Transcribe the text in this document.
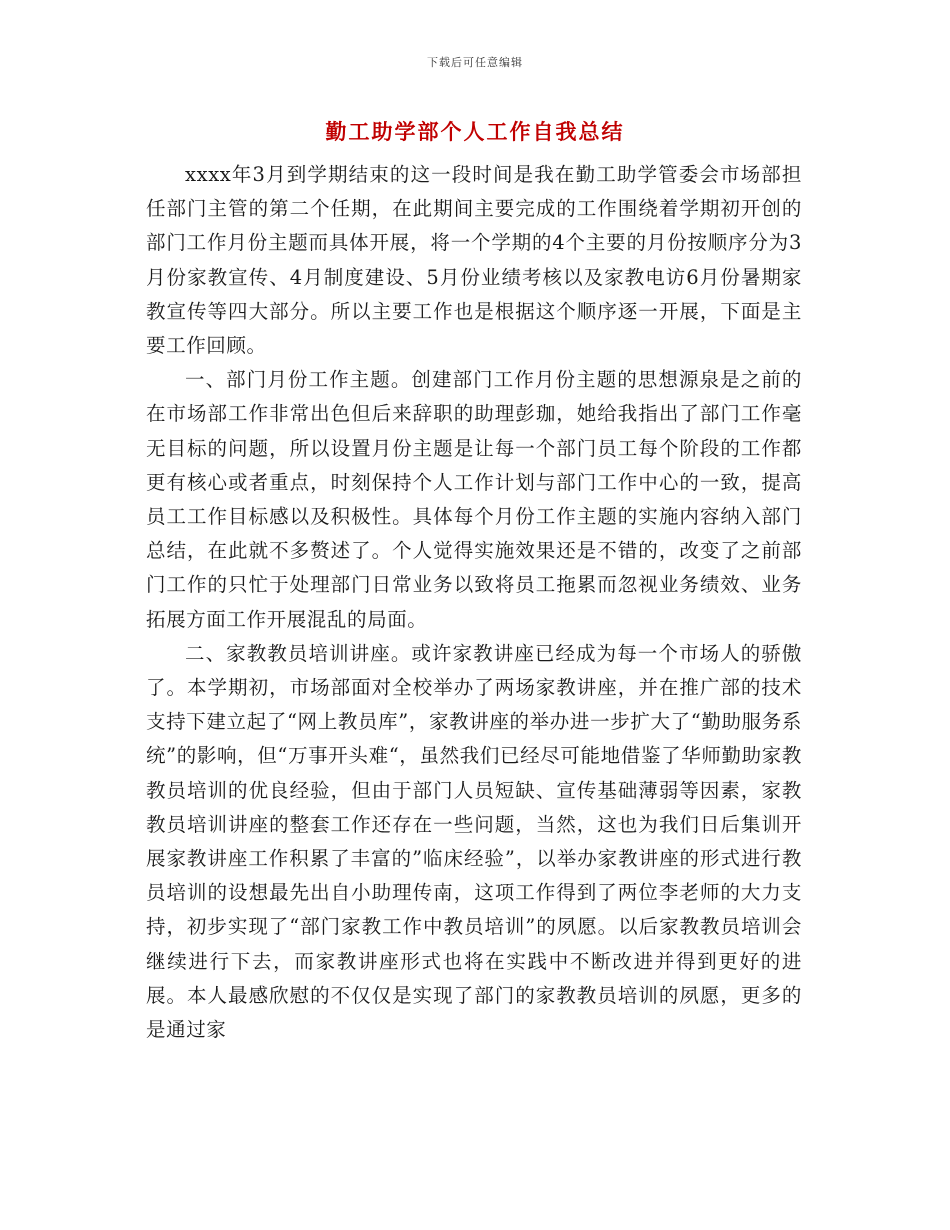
下载后可任意编辑
勤工助学部个人工作自我总结

xxxx年3月到学期结束的这一段时间是我在勤工助学管委会市场部担任部门主管的第二个任期，在此期间主要完成的工作围绕着学期初开创的部门工作月份主题而具体开展，将一个学期的4个主要的月份按顺序分为3月份家教宣传、4月制度建设、5月份业绩考核以及家教电访6月份暑期家教宣传等四大部分。所以主要工作也是根据这个顺序逐一开展，下面是主要工作回顾。

一、部门月份工作主题。创建部门工作月份主题的思想源泉是之前的在市场部工作非常出色但后来辞职的助理彭珈，她给我指出了部门工作毫无目标的问题，所以设置月份主题是让每一个部门员工每个阶段的工作都更有核心或者重点，时刻保持个人工作计划与部门工作中心的一致，提高员工工作目标感以及积极性。具体每个月份工作主题的实施内容纳入部门总结，在此就不多赘述了。个人觉得实施效果还是不错的，改变了之前部门工作的只忙于处理部门日常业务以致将员工拖累而忽视业务绩效、业务拓展方面工作开展混乱的局面。

二、家教教员培训讲座。或许家教讲座已经成为每一个市场人的骄傲了。本学期初，市场部面对全校举办了两场家教讲座，并在推广部的技术支持下建立起了“网上教员库”，家教讲座的举办进一步扩大了“勤助服务系统”的影响，但“万事开头难“，虽然我们已经尽可能地借鉴了华师勤助家教教员培训的优良经验，但由于部门人员短缺、宣传基础薄弱等因素，家教教员培训讲座的整套工作还存在一些问题，当然，这也为我们日后集训开展家教讲座工作积累了丰富的”临床经验”，以举办家教讲座的形式进行教员培训的设想最先出自小助理传南，这项工作得到了两位李老师的大力支持，初步实现了“部门家教工作中教员培训”的夙愿。以后家教教员培训会继续进行下去，而家教讲座形式也将在实践中不断改进并得到更好的进展。本人最感欣慰的不仅仅是实现了部门的家教教员培训的夙愿，更多的是通过家
